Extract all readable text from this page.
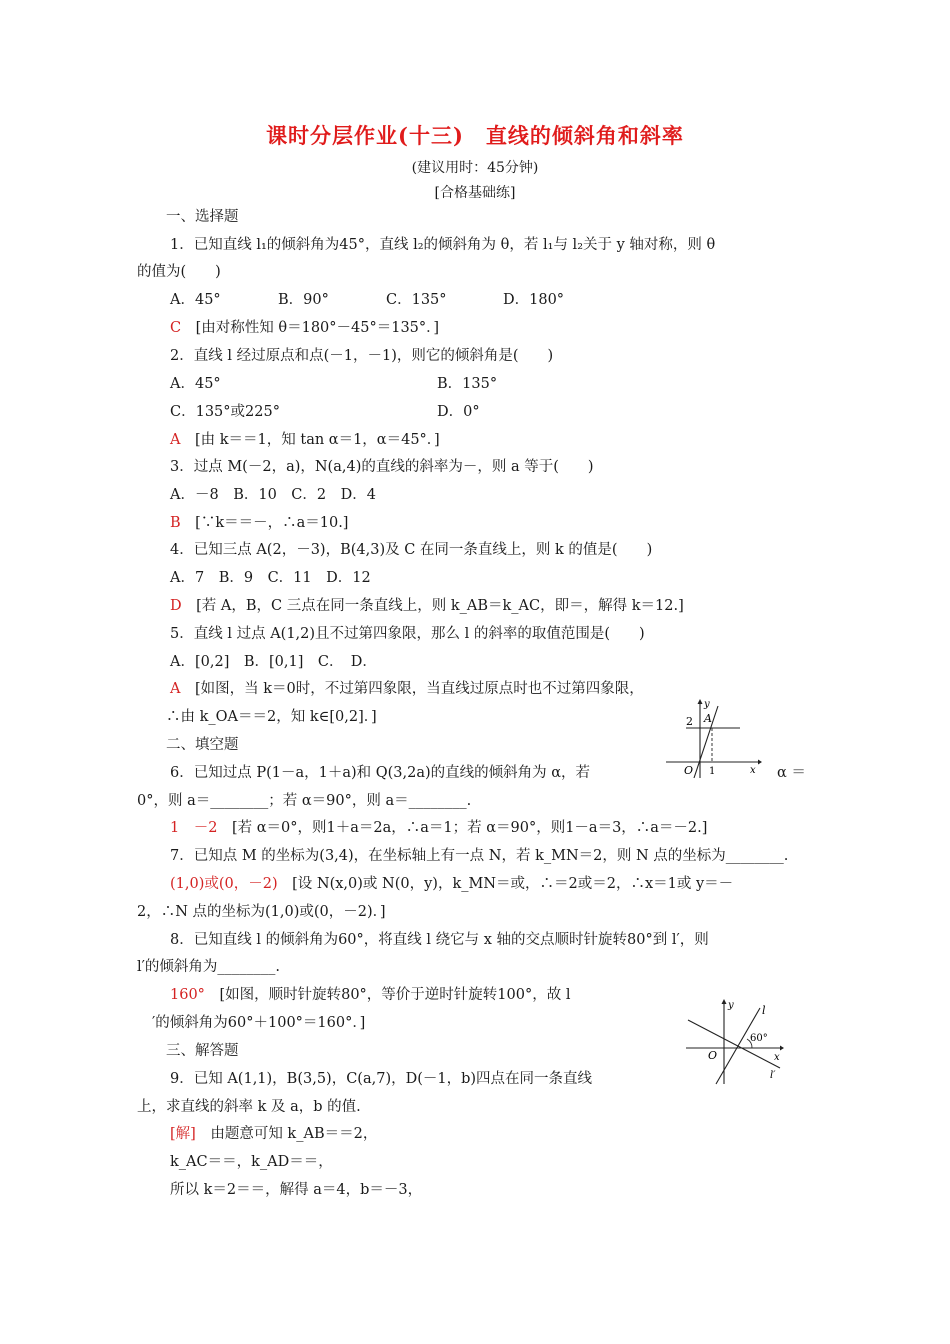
课时分层作业(十三)　直线的倾斜角和斜率
(建议用时：45分钟)
[合格基础练]
一、选择题
1．已知直线 l₁的倾斜角为45°，直线 l₂的倾斜角为 θ，若 l₁与 l₂关于 y 轴对称，则 θ
的值为(　　)
A．45°	B．90°	C．135°	D．180°
C　 [由对称性知 θ＝180°－45°＝135°．]
2．直线 l 经过原点和点(－1，－1)，则它的倾斜角是(　　)
A．45°	B．135°
C．135°或225°	D．0°
A　 [由 k＝＝1，知 tan α＝1，α＝45°．]
3．过点 M(－2，a)，N(a,4)的直线的斜率为－，则 a 等于(　　)
A．－8　B．10　C．2　D．4
B　 [∵k＝＝－，∴a＝10.]
4．已知三点 A(2，－3)，B(4,3)及 C 在同一条直线上，则 k 的值是(　　)
A．7　B．9　C．11　D．12
D　 [若 A，B，C 三点在同一条直线上，则 k_AB＝k_AC，即＝，解得 k＝12.]
5．直线 l 过点 A(1,2)且不过第四象限，那么 l 的斜率的取值范围是(　　)
A．[0,2]　B．[0,1]　C．　D．
A　 [如图，当 k＝0时，不过第四象限，当直线过原点时也不过第四象限，
∴由 k_OA＝＝2，知 k∈[0,2]．]
y
2 A
O 1	x
二、填空题
6．已知过点 P(1－a，1＋a)和 Q(3,2a)的直线的倾斜角为 α，若	α ＝
0°，则 a＝________；若 α＝90°，则 a＝________.
1　－2　 [若 α＝0°，则1＋a＝2a，∴a＝1；若 α＝90°，则1－a＝3，∴a＝－2.]
7．已知点 M 的坐标为(3,4)，在坐标轴上有一点 N，若 k_MN＝2，则 N 点的坐标为________.
(1,0)或(0，－2)　 [设 N(x,0)或 N(0，y)，k_MN＝或，∴＝2或＝2，∴x＝1或 y＝－
2，∴N 点的坐标为(1,0)或(0，－2)．]
8．已知直线 l 的倾斜角为60°，将直线 l 绕它与 x 轴的交点顺时针旋转80°到 l′，则
l′的倾斜角为________.
160°　 [如图，顺时针旋转80°，等价于逆时针旋转100°，故 l
′的倾斜角为60°＋100°＝160°．]
y	l
60°
O	x
l′
三、解答题
9．已知 A(1,1)，B(3,5)，C(a,7)，D(－1，b)四点在同一条直线
上，求直线的斜率 k 及 a，b 的值.
[解]　 由题意可知 k_AB＝＝2，
k_AC＝＝，k_AD＝＝，
所以 k＝2＝＝，解得 a＝4，b＝－3，
